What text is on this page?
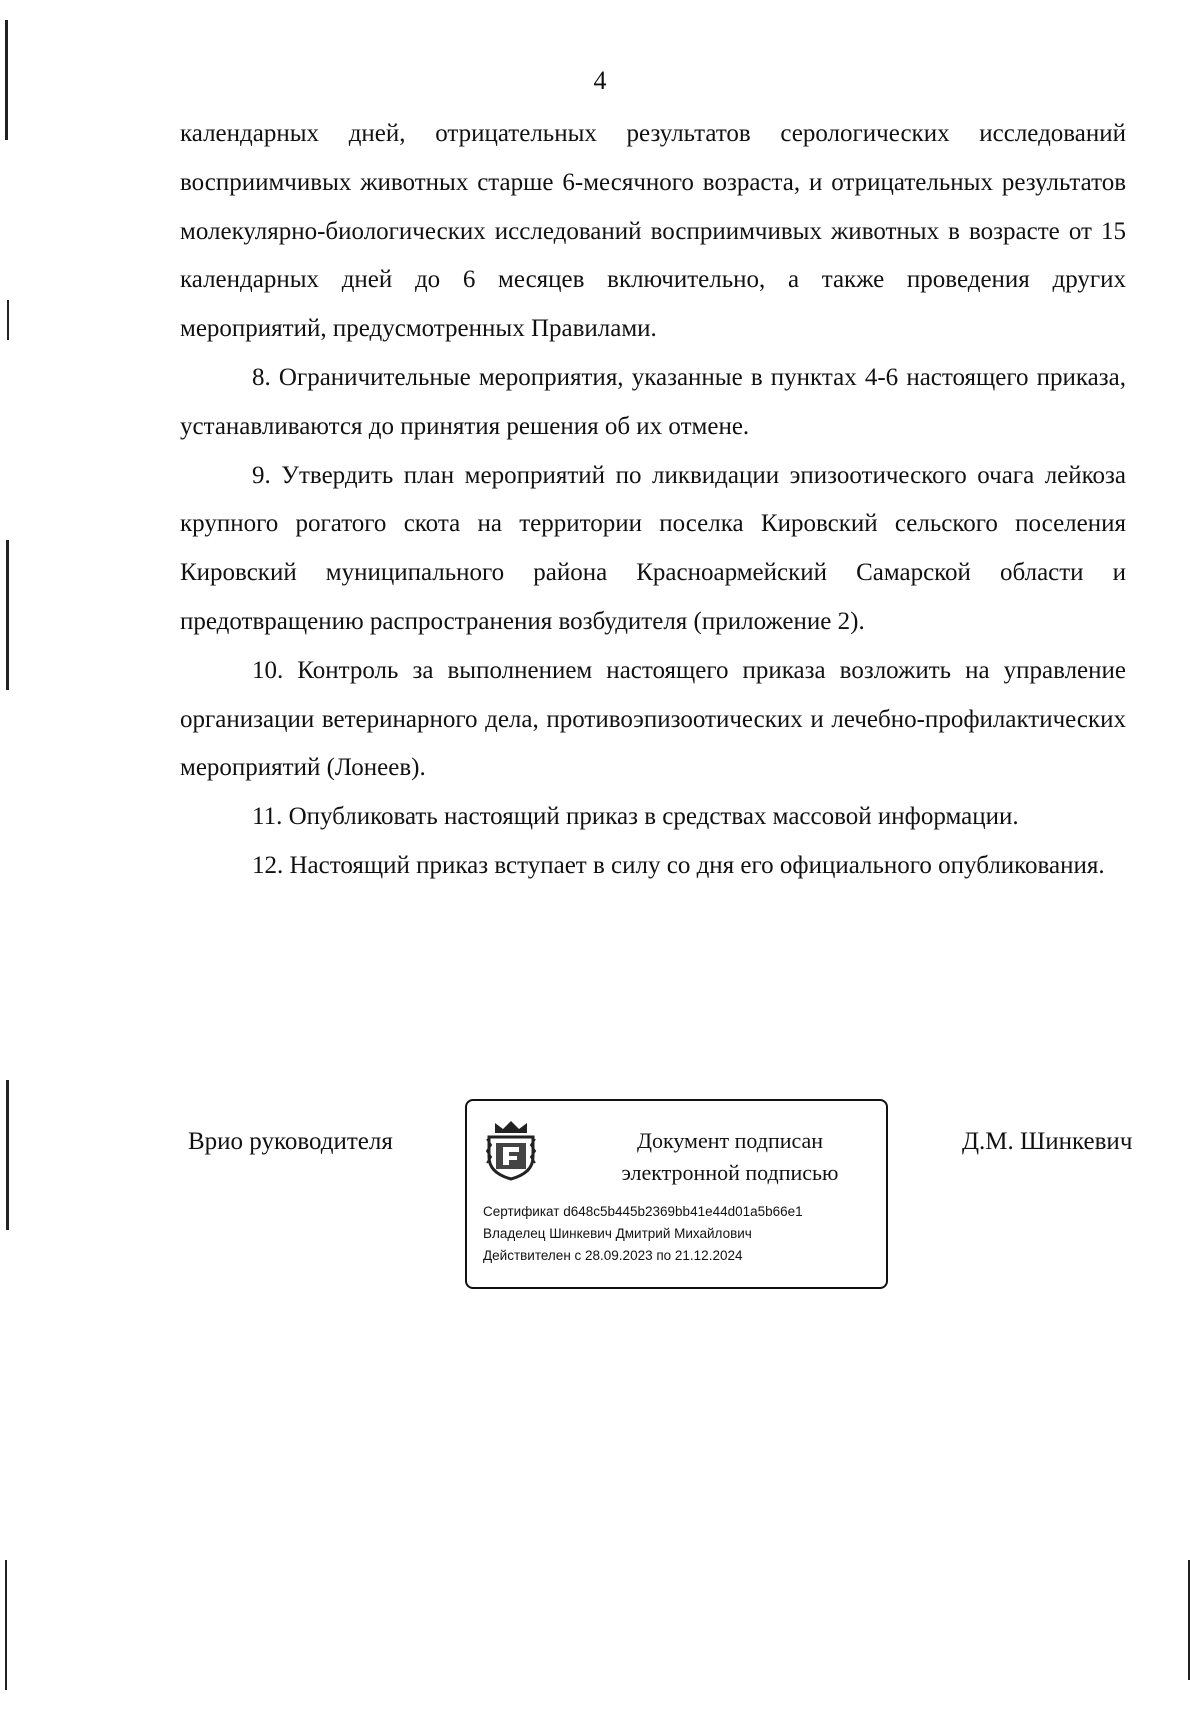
4

календарных дней, отрицательных результатов серологических исследований восприимчивых животных старше 6-месячного возраста, и отрицательных результатов молекулярно-биологических исследований восприимчивых животных в возрасте от 15 календарных дней до 6 месяцев включительно, а также проведения других мероприятий, предусмотренных Правилами.

8. Ограничительные мероприятия, указанные в пунктах 4-6 настоящего приказа, устанавливаются до принятия решения об их отмене.

9. Утвердить план мероприятий по ликвидации эпизоотического очага лейкоза крупного рогатого скота на территории поселка Кировский сельского поселения Кировский муниципального района Красноармейский Самарской области и предотвращению распространения возбудителя (приложение 2).

10. Контроль за выполнением настоящего приказа возложить на управление организации ветеринарного дела, противоэпизоотических и лечебно-профилактических мероприятий (Лонеев).

11. Опубликовать настоящий приказ в средствах массовой информации.

12. Настоящий приказ вступает в силу со дня его официального опубликования.

Врио руководителя	Документ подписан
электронной подписью
Сертификат d648c5b445b2369bb41e44d01a5b66e1
Владелец Шинкевич Дмитрий Михайлович
Действителен с 28.09.2023 по 21.12.2024
Д.М. Шинкевич
